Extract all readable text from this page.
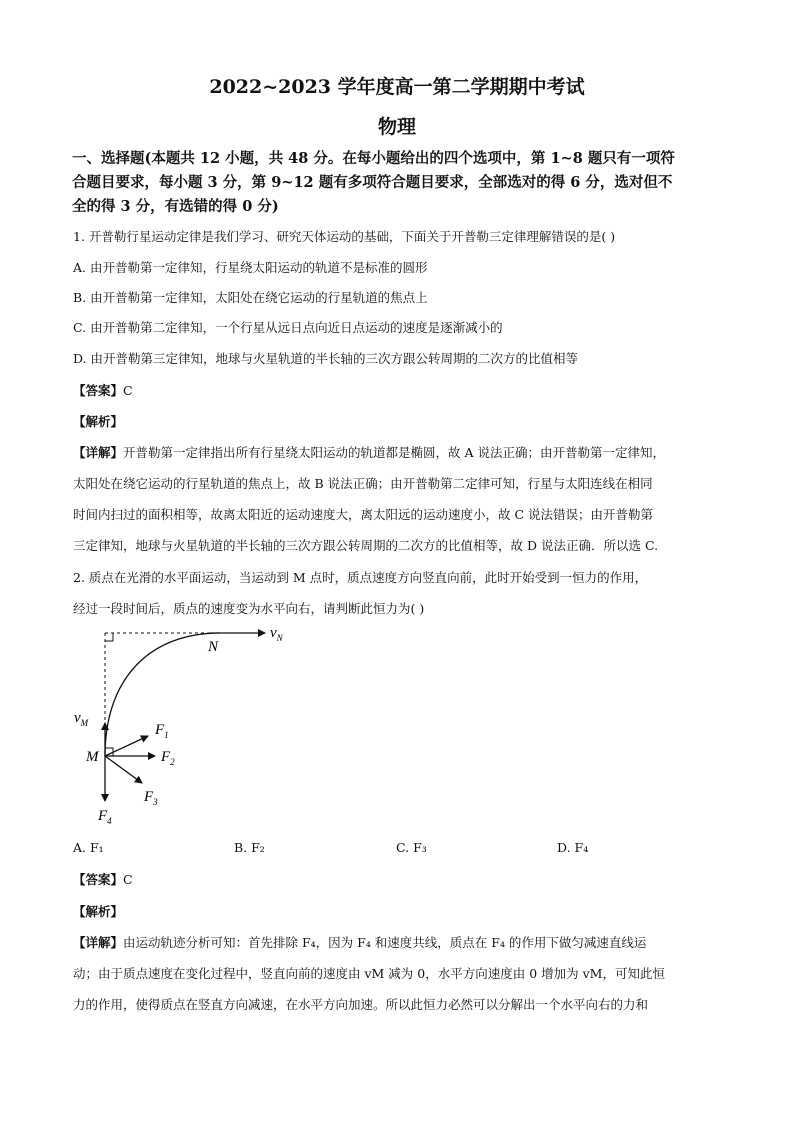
2022~2023 学年度高一第二学期期中考试
物理
一、选择题(本题共 12 小题，共 48 分。在每小题给出的四个选项中，第 1~8 题只有一项符
合题目要求，每小题 3 分，第 9~12 题有多项符合题目要求，全部选对的得 6 分，选对但不
全的得 3 分，有选错的得 0 分)
1. 开普勒行星运动定律是我们学习、研究天体运动的基础，下面关于开普勒三定律理解错误的是( )
A. 由开普勒第一定律知，行星绕太阳运动的轨道不是标准的圆形
B. 由开普勒第一定律知，太阳处在绕它运动的行星轨道的焦点上
C. 由开普勒第二定律知，一个行星从远日点向近日点运动的速度是逐渐减小的
D. 由开普勒第三定律知，地球与火星轨道的半长轴的三次方跟公转周期的二次方的比值相等
【答案】C
【解析】
【详解】开普勒第一定律指出所有行星绕太阳运动的轨道都是椭圆，故 A 说法正确；由开普勒第一定律知，
太阳处在绕它运动的行星轨道的焦点上，故 B 说法正确；由开普勒第二定律可知，行星与太阳连线在相同
时间内扫过的面积相等，故离太阳近的运动速度大，离太阳远的运动速度小，故 C 说法错误；由开普勒第
三定律知，地球与火星轨道的半长轴的三次方跟公转周期的二次方的比值相等，故 D 说法正确．所以选 C.
2. 质点在光滑的水平面运动，当运动到 M 点时，质点速度方向竖直向前，此时开始受到一恒力的作用，
经过一段时间后，质点的速度变为水平向右，请判断此恒力为( )
$v_N$
N
$v_M$
M
$F_1$
$F_2$
$F_3$
$F_4$
A. F₁	B. F₂	C. F₃	D. F₄
【答案】C
【解析】
【详解】由运动轨迹分析可知：首先排除 F₄，因为 F₄ 和速度共线，质点在 F₄ 的作用下做匀减速直线运
动；由于质点速度在变化过程中，竖直向前的速度由 vM 减为 0，水平方向速度由 0 增加为 vM，可知此恒
力的作用，使得质点在竖直方向减速，在水平方向加速。所以此恒力必然可以分解出一个水平向右的力和
